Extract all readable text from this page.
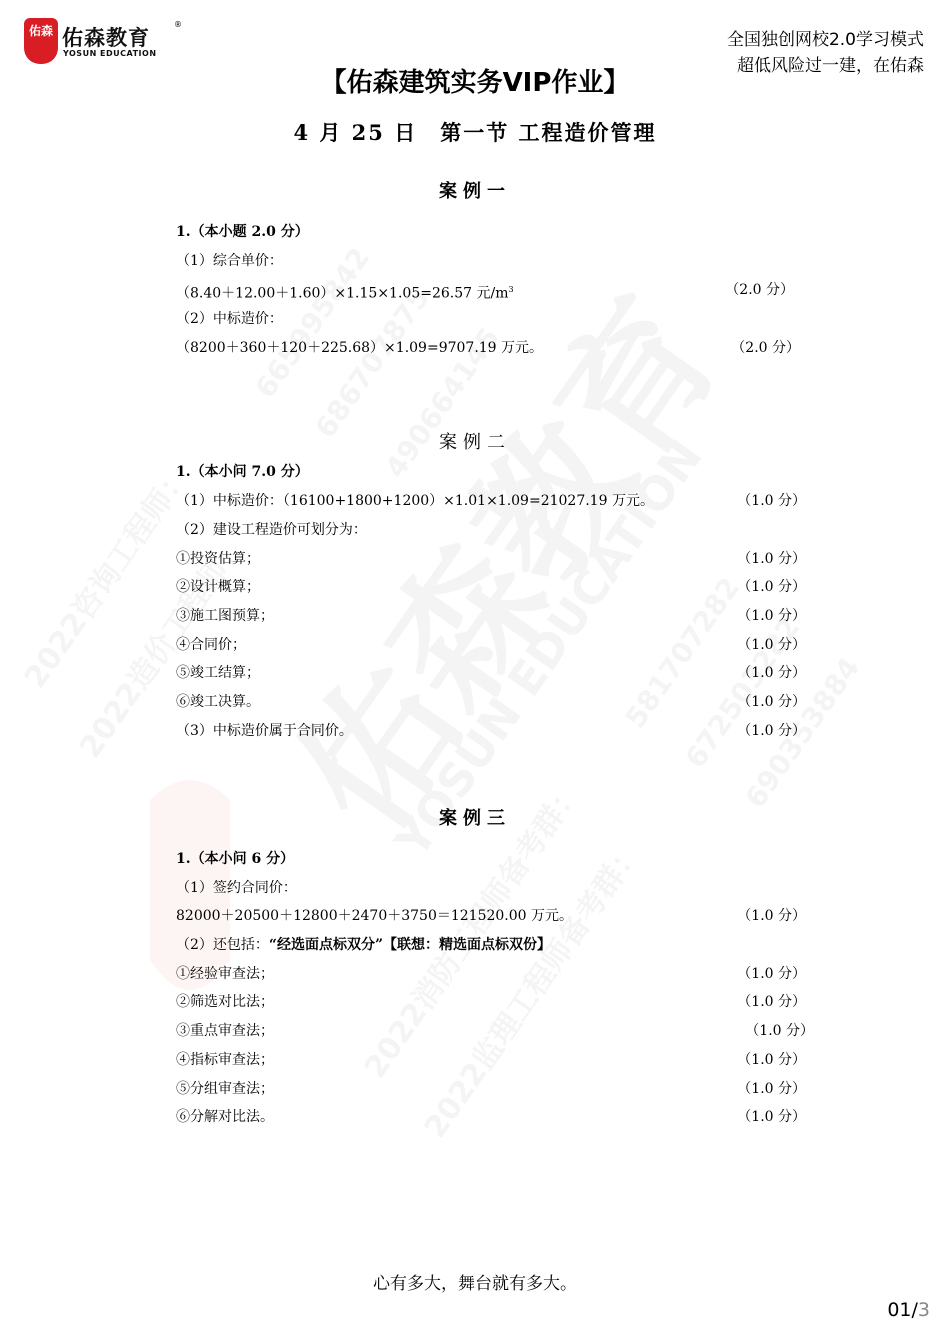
佑森 佑森教育
®
YOSUN EDUCATION
全国独创网校2.0学习模式
超低风险过一建，在佑森
【佑森建筑实务VIP作业】
4 月 25 日　第一节 工程造价管理
案例一
1.（本小题 2.0 分）
（1）综合单价：
（8.40＋12.00＋1.60）×1.15×1.05=26.57 元$/m^3$	（2.0 分）
（2）中标造价：
（8200＋360＋120＋225.68）×1.09=9707.19 万元。	（2.0 分）
案例二
1.（本小问 7.0 分）
（1）中标造价：（16100+1800+1200）×1.01×1.09=21027.19 万元。	（1.0 分）
（2）建设工程造价可划分为：
①投资估算；	（1.0 分）
②设计概算；	（1.0 分）
③施工图预算；	（1.0 分）
④合同价；	（1.0 分）
⑤竣工结算；	（1.0 分）
⑥竣工决算。	（1.0 分）
（3）中标造价属于合同价。	（1.0 分）
案例三
1.（本小问 6 分）
（1）签约合同价：
82000＋20500＋12800＋2470＋3750＝121520.00 万元。	（1.0 分）
（2）还包括：“经选面点标双分”【联想：精选面点标双份】
①经验审查法；	（1.0 分）
②筛选对比法；	（1.0 分）
③重点审查法；	（1.0 分）
④指标审查法；	（1.0 分）
⑤分组审查法；	（1.0 分）
⑥分解对比法。	（1.0 分）
心有多大，舞台就有多大。
01/3
